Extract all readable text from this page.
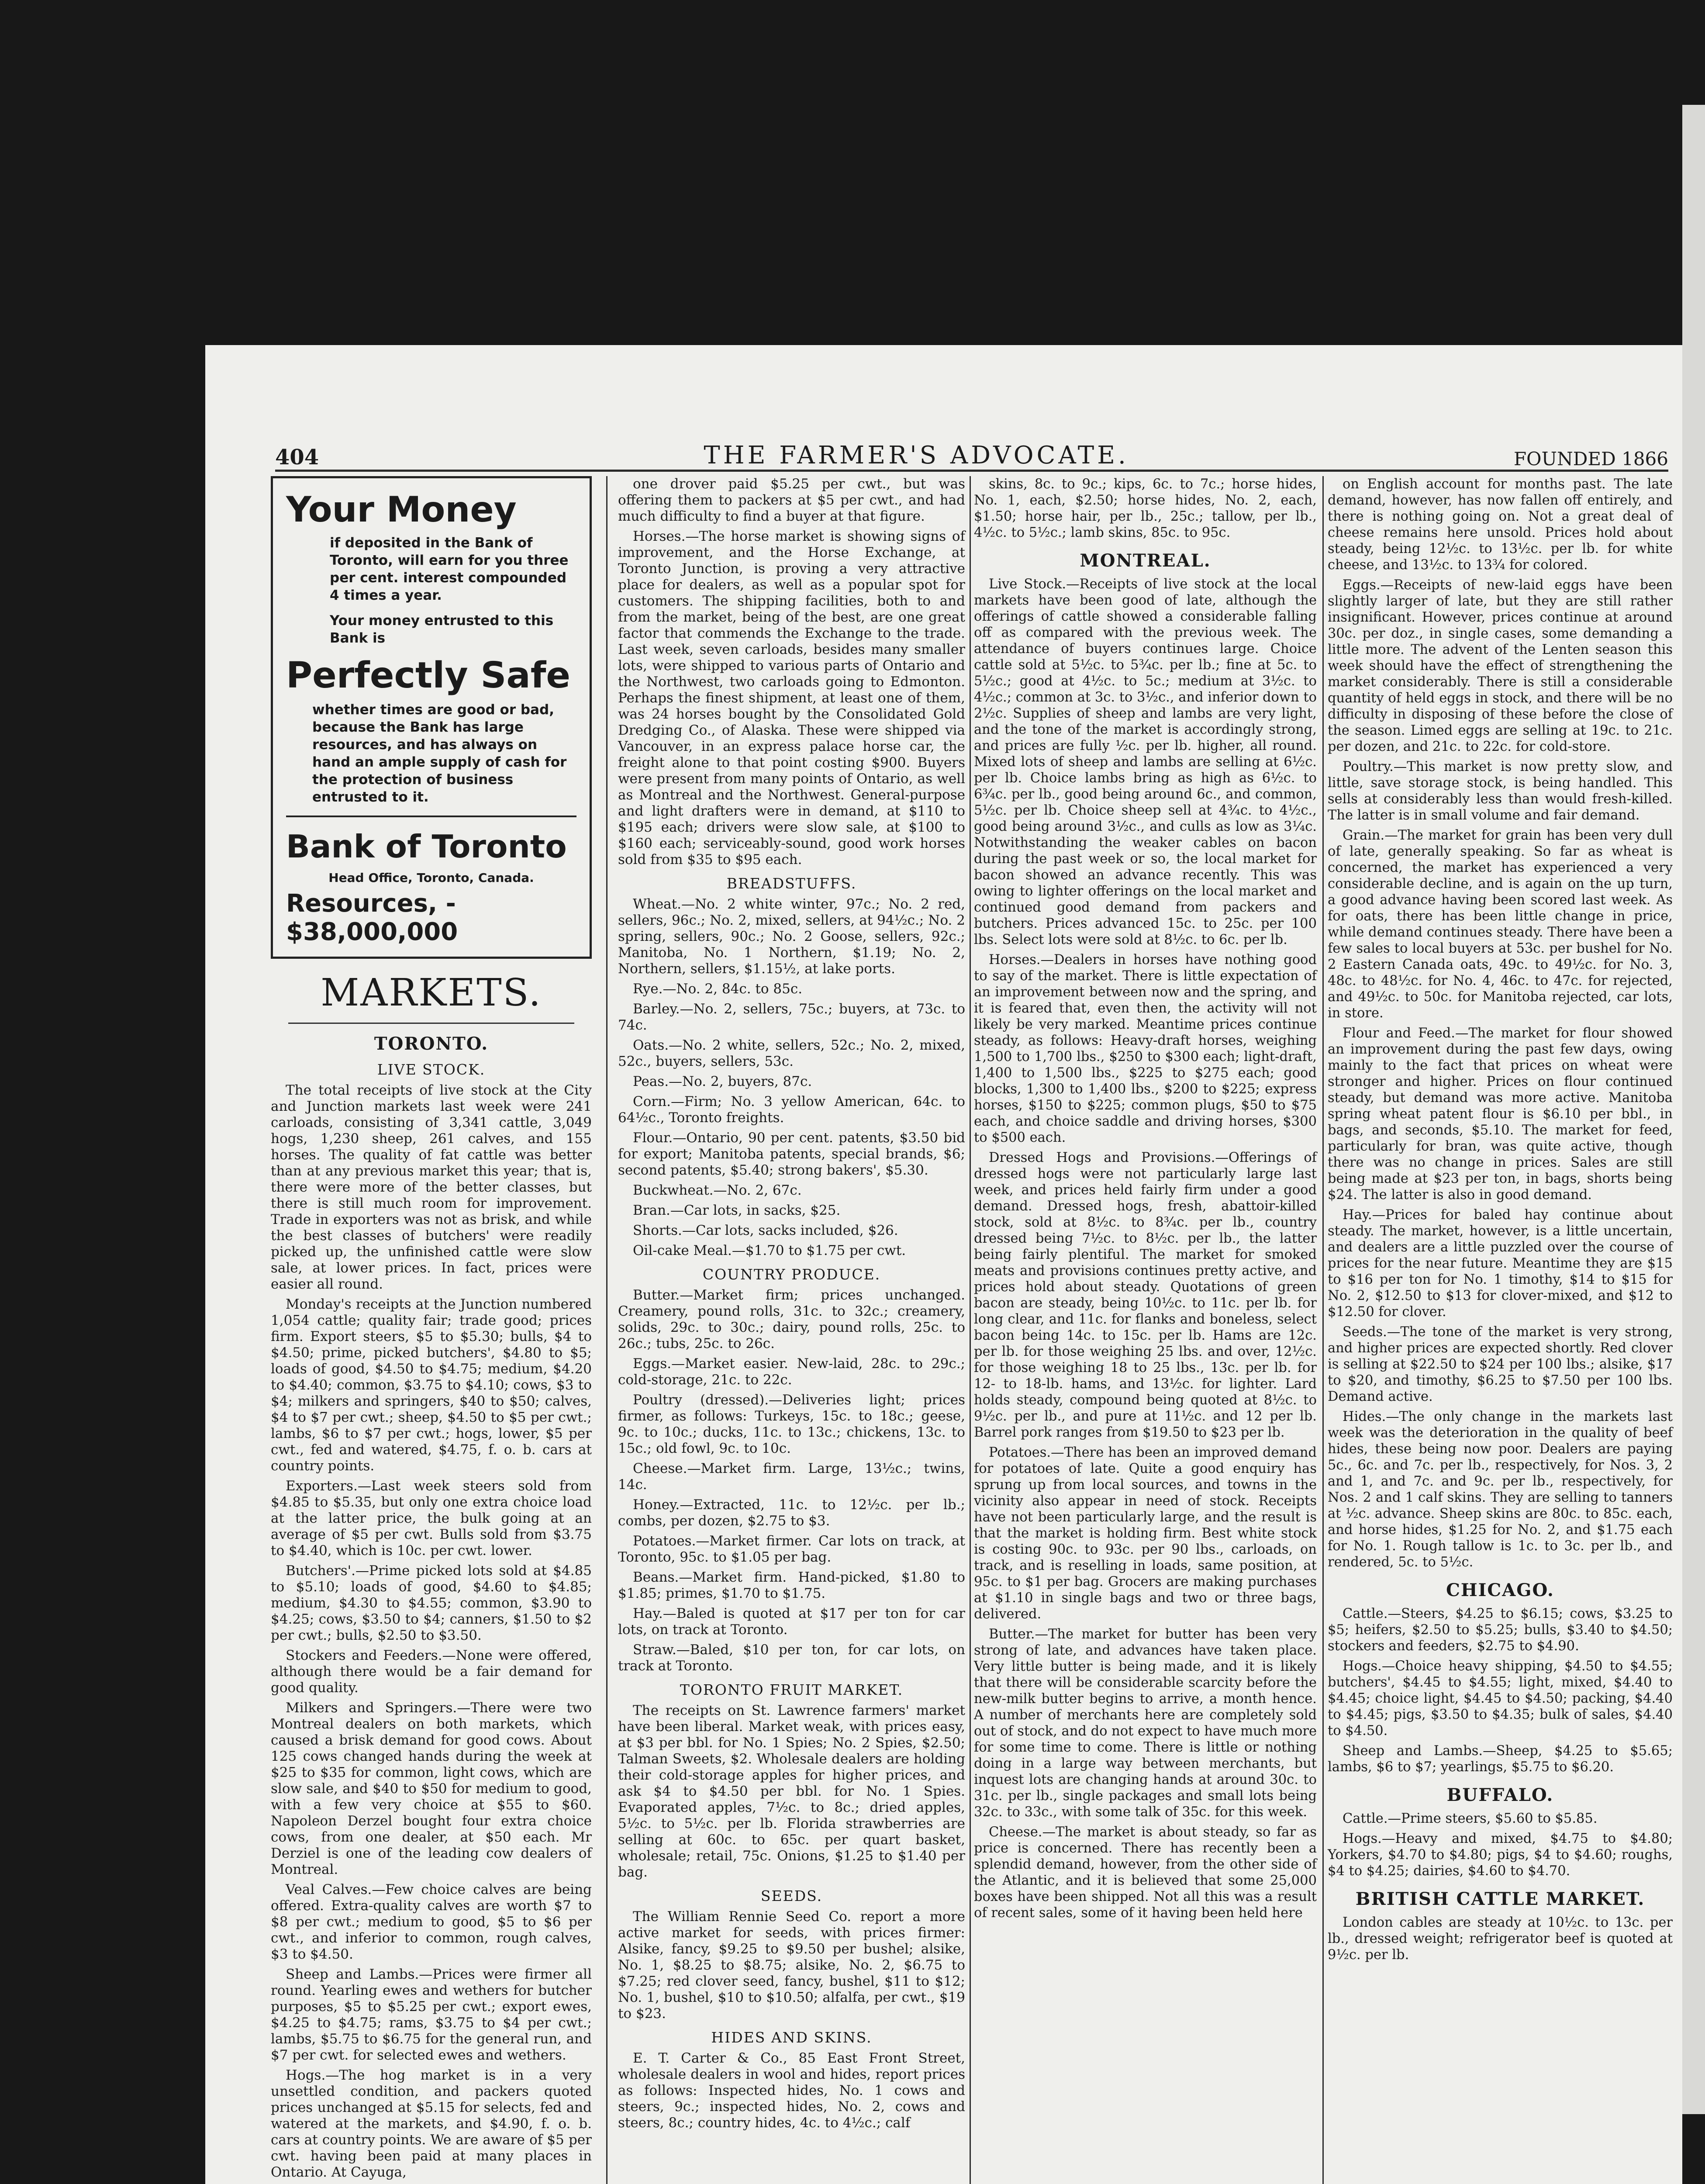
404	THE FARMER'S ADVOCATE.	FOUNDED 1866
Your Money
if deposited in the Bank of Toronto, will earn for you three per cent. interest compounded 4 times a year.
Your money entrusted to this Bank is
Perfectly Safe
whether times are good or bad, because the Bank has large resources, and has always on hand an ample supply of cash for the protection of business entrusted to it.
Bank of Toronto
Head Office, Toronto, Canada.
Resources, - $38,000,000
MARKETS.
TORONTO.
LIVE STOCK.

The total receipts of live stock at the City and Junction markets last week were 241 carloads, consisting of 3,341 cattle, 3,049 hogs, 1,230 sheep, 261 calves, and 155 horses. The quality of fat cattle was better than at any previous market this year; that is, there were more of the better classes, but there is still much room for improvement. Trade in exporters was not as brisk, and while the best classes of butchers' were readily picked up, the unfinished cattle were slow sale, at lower prices. In fact, prices were easier all round.

Monday's receipts at the Junction numbered 1,054 cattle; quality fair; trade good; prices firm. Export steers, $5 to $5.30; bulls, $4 to $4.50; prime, picked butchers', $4.80 to $5; loads of good, $4.50 to $4.75; medium, $4.20 to $4.40; common, $3.75 to $4.10; cows, $3 to $4; milkers and springers, $40 to $50; calves, $4 to $7 per cwt.; sheep, $4.50 to $5 per cwt.; lambs, $6 to $7 per cwt.; hogs, lower, $5 per cwt., fed and watered, $4.75, f. o. b. cars at country points.

Exporters.—Last week steers sold from $4.85 to $5.35, but only one extra choice load at the latter price, the bulk going at an average of $5 per cwt. Bulls sold from $3.75 to $4.40, which is 10c. per cwt. lower.

Butchers'.—Prime picked lots sold at $4.85 to $5.10; loads of good, $4.60 to $4.85; medium, $4.30 to $4.55; common, $3.90 to $4.25; cows, $3.50 to $4; canners, $1.50 to $2 per cwt.; bulls, $2.50 to $3.50.

Stockers and Feeders.—None were offered, although there would be a fair demand for good quality.

Milkers and Springers.—There were two Montreal dealers on both markets, which caused a brisk demand for good cows. About 125 cows changed hands during the week at $25 to $35 for common, light cows, which are slow sale, and $40 to $50 for medium to good, with a few very choice at $55 to $60. Napoleon Derzel bought four extra choice cows, from one dealer, at $50 each. Mr Derziel is one of the leading cow dealers of Montreal.

Veal Calves.—Few choice calves are being offered. Extra-quality calves are worth $7 to $8 per cwt.; medium to good, $5 to $6 per cwt., and inferior to common, rough calves, $3 to $4.50.

Sheep and Lambs.—Prices were firmer all round. Yearling ewes and wethers for butcher purposes, $5 to $5.25 per cwt.; export ewes, $4.25 to $4.75; rams, $3.75 to $4 per cwt.; lambs, $5.75 to $6.75 for the general run, and $7 per cwt. for selected ewes and wethers.

Hogs.—The hog market is in a very unsettled condition, and packers quoted prices unchanged at $5.15 for selects, fed and watered at the markets, and $4.90, f. o. b. cars at country points. We are aware of $5 per cwt. having been paid at many places in Ontario. At Cayuga,

one drover paid $5.25 per cwt., but was offering them to packers at $5 per cwt., and had much difficulty to find a buyer at that figure.

Horses.—The horse market is showing signs of improvement, and the Horse Exchange, at Toronto Junction, is proving a very attractive place for dealers, as well as a popular spot for customers. The shipping facilities, both to and from the market, being of the best, are one great factor that commends the Exchange to the trade. Last week, seven carloads, besides many smaller lots, were shipped to various parts of Ontario and the Northwest, two carloads going to Edmonton. Perhaps the finest shipment, at least one of them, was 24 horses bought by the Consolidated Gold Dredging Co., of Alaska. These were shipped via Vancouver, in an express palace horse car, the freight alone to that point costing $900. Buyers were present from many points of Ontario, as well as Montreal and the Northwest. General-purpose and light drafters were in demand, at $110 to $195 each; drivers were slow sale, at $100 to $160 each; serviceably-sound, good work horses sold from $35 to $95 each.

BREADSTUFFS.

Wheat.—No. 2 white winter, 97c.; No. 2 red, sellers, 96c.; No. 2, mixed, sellers, at 94½c.; No. 2 spring, sellers, 90c.; No. 2 Goose, sellers, 92c.; Manitoba, No. 1 Northern, $1.19; No. 2, Northern, sellers, $1.15½, at lake ports.

Rye.—No. 2, 84c. to 85c.

Barley.—No. 2, sellers, 75c.; buyers, at 73c. to 74c.

Oats.—No. 2 white, sellers, 52c.; No. 2, mixed, 52c., buyers, sellers, 53c.

Peas.—No. 2, buyers, 87c.

Corn.—Firm; No. 3 yellow American, 64c. to 64½c., Toronto freights.

Flour.—Ontario, 90 per cent. patents, $3.50 bid for export; Manitoba patents, special brands, $6; second patents, $5.40; strong bakers', $5.30.

Buckwheat.—No. 2, 67c.

Bran.—Car lots, in sacks, $25.

Shorts.—Car lots, sacks included, $26.

Oil-cake Meal.—$1.70 to $1.75 per cwt.

COUNTRY PRODUCE.

Butter.—Market firm; prices unchanged. Creamery, pound rolls, 31c. to 32c.; creamery, solids, 29c. to 30c.; dairy, pound rolls, 25c. to 26c.; tubs, 25c. to 26c.

Eggs.—Market easier. New-laid, 28c. to 29c.; cold-storage, 21c. to 22c.

Poultry (dressed).—Deliveries light; prices firmer, as follows: Turkeys, 15c. to 18c.; geese, 9c. to 10c.; ducks, 11c. to 13c.; chickens, 13c. to 15c.; old fowl, 9c. to 10c.

Cheese.—Market firm. Large, 13½c.; twins, 14c.

Honey.—Extracted, 11c. to 12½c. per lb.; combs, per dozen, $2.75 to $3.

Potatoes.—Market firmer. Car lots on track, at Toronto, 95c. to $1.05 per bag.

Beans.—Market firm. Hand-picked, $1.80 to $1.85; primes, $1.70 to $1.75.

Hay.—Baled is quoted at $17 per ton for car lots, on track at Toronto.

Straw.—Baled, $10 per ton, for car lots, on track at Toronto.

TORONTO FRUIT MARKET.

The receipts on St. Lawrence farmers' market have been liberal. Market weak, with prices easy, at $3 per bbl. for No. 1 Spies; No. 2 Spies, $2.50; Talman Sweets, $2. Wholesale dealers are holding their cold-storage apples for higher prices, and ask $4 to $4.50 per bbl. for No. 1 Spies. Evaporated apples, 7½c. to 8c.; dried apples, 5½c. to 5½c. per lb. Florida strawberries are selling at 60c. to 65c. per quart basket, wholesale; retail, 75c. Onions, $1.25 to $1.40 per bag.

SEEDS.

The William Rennie Seed Co. report a more active market for seeds, with prices firmer: Alsike, fancy, $9.25 to $9.50 per bushel; alsike, No. 1, $8.25 to $8.75; alsike, No. 2, $6.75 to $7.25; red clover seed, fancy, bushel, $11 to $12; No. 1, bushel, $10 to $10.50; alfalfa, per cwt., $19 to $23.

HIDES AND SKINS.

E. T. Carter & Co., 85 East Front Street, wholesale dealers in wool and hides, report prices as follows: Inspected hides, No. 1 cows and steers, 9c.; inspected hides, No. 2, cows and steers, 8c.; country hides, 4c. to 4½c.; calf

skins, 8c. to 9c.; kips, 6c. to 7c.; horse hides, No. 1, each, $2.50; horse hides, No. 2, each, $1.50; horse hair, per lb., 25c.; tallow, per lb., 4½c. to 5½c.; lamb skins, 85c. to 95c.

MONTREAL.

Live Stock.—Receipts of live stock at the local markets have been good of late, although the offerings of cattle showed a considerable falling off as compared with the previous week. The attendance of buyers continues large. Choice cattle sold at 5½c. to 5¾c. per lb.; fine at 5c. to 5½c.; good at 4½c. to 5c.; medium at 3½c. to 4½c.; common at 3c. to 3½c., and inferior down to 2½c. Supplies of sheep and lambs are very light, and the tone of the market is accordingly strong, and prices are fully ½c. per lb. higher, all round. Mixed lots of sheep and lambs are selling at 6½c. per lb. Choice lambs bring as high as 6½c. to 6¾c. per lb., good being around 6c., and common, 5½c. per lb. Choice sheep sell at 4¾c. to 4½c., good being around 3½c., and culls as low as 3¼c. Notwithstanding the weaker cables on bacon during the past week or so, the local market for bacon showed an advance recently. This was owing to lighter offerings on the local market and continued good demand from packers and butchers. Prices advanced 15c. to 25c. per 100 lbs. Select lots were sold at 8½c. to 6c. per lb.

Horses.—Dealers in horses have nothing good to say of the market. There is little expectation of an improvement between now and the spring, and it is feared that, even then, the activity will not likely be very marked. Meantime prices continue steady, as follows: Heavy-draft horses, weighing 1,500 to 1,700 lbs., $250 to $300 each; light-draft, 1,400 to 1,500 lbs., $225 to $275 each; good blocks, 1,300 to 1,400 lbs., $200 to $225; express horses, $150 to $225; common plugs, $50 to $75 each, and choice saddle and driving horses, $300 to $500 each.

Dressed Hogs and Provisions.—Offerings of dressed hogs were not particularly large last week, and prices held fairly firm under a good demand. Dressed hogs, fresh, abattoir-killed stock, sold at 8½c. to 8¾c. per lb., country dressed being 7½c. to 8½c. per lb., the latter being fairly plentiful. The market for smoked meats and provisions continues pretty active, and prices hold about steady. Quotations of green bacon are steady, being 10½c. to 11c. per lb. for long clear, and 11c. for flanks and boneless, select bacon being 14c. to 15c. per lb. Hams are 12c. per lb. for those weighing 25 lbs. and over, 12½c. for those weighing 18 to 25 lbs., 13c. per lb. for 12- to 18-lb. hams, and 13½c. for lighter. Lard holds steady, compound being quoted at 8½c. to 9½c. per lb., and pure at 11½c. and 12 per lb. Barrel pork ranges from $19.50 to $23 per lb.

Potatoes.—There has been an improved demand for potatoes of late. Quite a good enquiry has sprung up from local sources, and towns in the vicinity also appear in need of stock. Receipts have not been particularly large, and the result is that the market is holding firm. Best white stock is costing 90c. to 93c. per 90 lbs., carloads, on track, and is reselling in loads, same position, at 95c. to $1 per bag. Grocers are making purchases at $1.10 in single bags and two or three bags, delivered.

Butter.—The market for butter has been very strong of late, and advances have taken place. Very little butter is being made, and it is likely that there will be considerable scarcity before the new-milk butter begins to arrive, a month hence. A number of merchants here are completely sold out of stock, and do not expect to have much more for some time to come. There is little or nothing doing in a large way between merchants, but inquest lots are changing hands at around 30c. to 31c. per lb., single packages and small lots being 32c. to 33c., with some talk of 35c. for this week.

Cheese.—The market is about steady, so far as price is concerned. There has recently been a splendid demand, however, from the other side of the Atlantic, and it is believed that some 25,000 boxes have been shipped. Not all this was a result of recent sales, some of it having been held here

on English account for months past. The late demand, however, has now fallen off entirely, and there is nothing going on. Not a great deal of cheese remains here unsold. Prices hold about steady, being 12½c. to 13½c. per lb. for white cheese, and 13½c. to 13¾ for colored.

Eggs.—Receipts of new-laid eggs have been slightly larger of late, but they are still rather insignificant. However, prices continue at around 30c. per doz., in single cases, some demanding a little more. The advent of the Lenten season this week should have the effect of strengthening the market considerably. There is still a considerable quantity of held eggs in stock, and there will be no difficulty in disposing of these before the close of the season. Limed eggs are selling at 19c. to 21c. per dozen, and 21c. to 22c. for cold-store.

Poultry.—This market is now pretty slow, and little, save storage stock, is being handled. This sells at considerably less than would fresh-killed. The latter is in small volume and fair demand.

Grain.—The market for grain has been very dull of late, generally speaking. So far as wheat is concerned, the market has experienced a very considerable decline, and is again on the up turn, a good advance having been scored last week. As for oats, there has been little change in price, while demand continues steady. There have been a few sales to local buyers at 53c. per bushel for No. 2 Eastern Canada oats, 49c. to 49½c. for No. 3, 48c. to 48½c. for No. 4, 46c. to 47c. for rejected, and 49½c. to 50c. for Manitoba rejected, car lots, in store.

Flour and Feed.—The market for flour showed an improvement during the past few days, owing mainly to the fact that prices on wheat were stronger and higher. Prices on flour continued steady, but demand was more active. Manitoba spring wheat patent flour is $6.10 per bbl., in bags, and seconds, $5.10. The market for feed, particularly for bran, was quite active, though there was no change in prices. Sales are still being made at $23 per ton, in bags, shorts being $24. The latter is also in good demand.

Hay.—Prices for baled hay continue about steady. The market, however, is a little uncertain, and dealers are a little puzzled over the course of prices for the near future. Meantime they are $15 to $16 per ton for No. 1 timothy, $14 to $15 for No. 2, $12.50 to $13 for clover-mixed, and $12 to $12.50 for clover.

Seeds.—The tone of the market is very strong, and higher prices are expected shortly. Red clover is selling at $22.50 to $24 per 100 lbs.; alsike, $17 to $20, and timothy, $6.25 to $7.50 per 100 lbs. Demand active.

Hides.—The only change in the markets last week was the deterioration in the quality of beef hides, these being now poor. Dealers are paying 5c., 6c. and 7c. per lb., respectively, for Nos. 3, 2 and 1, and 7c. and 9c. per lb., respectively, for Nos. 2 and 1 calf skins. They are selling to tanners at ½c. advance. Sheep skins are 80c. to 85c. each, and horse hides, $1.25 for No. 2, and $1.75 each for No. 1. Rough tallow is 1c. to 3c. per lb., and rendered, 5c. to 5½c.

CHICAGO.

Cattle.—Steers, $4.25 to $6.15; cows, $3.25 to $5; heifers, $2.50 to $5.25; bulls, $3.40 to $4.50; stockers and feeders, $2.75 to $4.90.

Hogs.—Choice heavy shipping, $4.50 to $4.55; butchers', $4.45 to $4.55; light, mixed, $4.40 to $4.45; choice light, $4.45 to $4.50; packing, $4.40 to $4.45; pigs, $3.50 to $4.35; bulk of sales, $4.40 to $4.50.

Sheep and Lambs.—Sheep, $4.25 to $5.65; lambs, $6 to $7; yearlings, $5.75 to $6.20.

BUFFALO.

Cattle.—Prime steers, $5.60 to $5.85.

Hogs.—Heavy and mixed, $4.75 to $4.80; Yorkers, $4.70 to $4.80; pigs, $4 to $4.60; roughs, $4 to $4.25; dairies, $4.60 to $4.70.

BRITISH CATTLE MARKET.

London cables are steady at 10½c. to 13c. per lb., dressed weight; refrigerator beef is quoted at 9½c. per lb.
